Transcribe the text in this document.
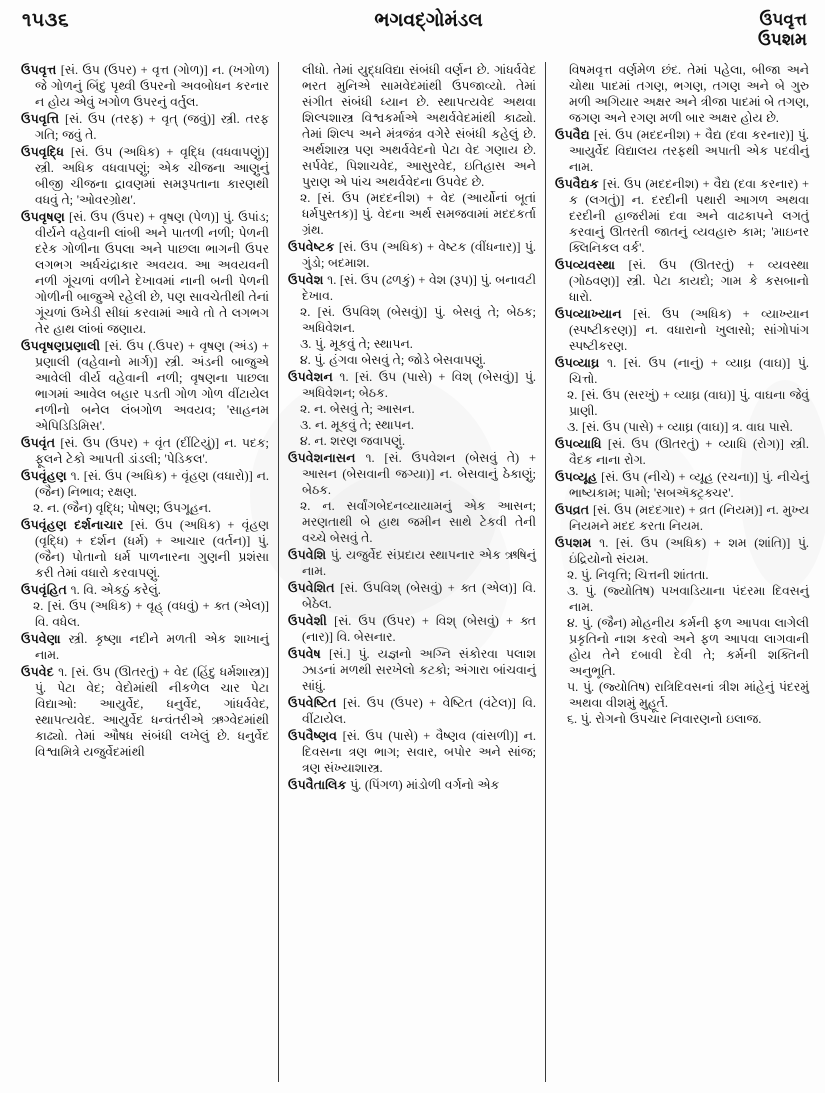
૧૫૩૬	ભગવદ્ગોમંડલ	ઉપવૃત્ત
ઉપશમ

ઉપવૃત્ત [સં. ઉપ (ઉપર) + વૃત્ત (ગોળ)] ન. (ખગોળ) જે ગોળનું બિંદુ પૃથ્વી ઉપરનો અવબોધન કરનાર ન હોય એવું ખગોળ ઉપરનું વર્તુલ.

ઉપવૃત્તિ [સં. ઉપ (તરફ) + વૃત્ (જવું)] સ્ત્રી. તરફ ગતિ; જવું તે.

ઉપવૃદ્ધિ [સં. ઉપ (અધિક) + વૃદ્ધિ (વધવાપણું)] સ્ત્રી. અધિક વધવાપણું; એક ચીજના આણુનું બીજી ચીજના દ્રાવણમાં સમરૂપતાના કારણથી વધવું તે; 'ઓવરગ્રોથ'.

ઉપવૃષણ [સં. ઉપ (ઉપર) + વૃષણ (પેળ)] પું. ઉપાંડ; વીર્યને વહેવાની લાંબી અને પાતળી નળી; પેળની દરેક ગોળીના ઉપલા અને પાછલા ભાગની ઉપર લગભગ અર્ધચંદ્રાકાર અવયવ. આ અવયવની નળી ગૂંચળાં વળીને દેખાવમાં નાની બની પેળની ગોળીની બાજુએ રહેલી છે, પણ સાવચેતીથી તેનાં ગૂંચળાં ઉખેડી સીધાં કરવામાં આવે તો તે લગભગ તેર હાથ લાંબાં જણાય.

ઉપવૃષણપ્રણાલી [સં. ઉપ (.ઉપર) + વૃષણ (અંડ) + પ્રણાલી (વહેવાનો માર્ગ)] સ્ત્રી. અંડની બાજુએ આવેલી વીર્ય વહેવાની નળી; વૃષણના પાછલા ભાગમાં આવેલ બહાર પડતી ગોળ ગોળ વીંટાયેલ નળીનો બનેલ લંબગોળ અવયવ; 'સાહનમ એપિડિડિમિસ'.

ઉપવૃંત [સં. ઉપ (ઉપર) + વૃંત (દીંટિયું)] ન. પદક; ફૂલને ટેકો આપતી ડાંડલી; 'પેડિકલ'.

ઉપવૃંહણ ૧. [સં. ઉપ (અધિક) + વૃંહણ (વધારો)] ન. (જૈન) નિભાવ; રક્ષણ.

૨. ન. (જૈન) વૃદ્ધિ; પોષણ; ઉપગૂહન.

ઉપવૃંહણ દર્શનાચાર [સં. ઉપ (અધિક) + વૃંહણ (વૃદ્ધિ) + દર્શન (ધર્મ) + આચાર (વર્તન)] પું. (જૈન) પોતાનો ધર્મ પાળનારના ગુણની પ્રશંસા કરી તેમાં વધારો કરવાપણું.

ઉપવૃંહિત ૧. વિ. એકઠું કરેલું.

૨. [સં. ઉપ (અધિક) + વૃહ્ (વધવું) + ક્ત (એલ)] વિ. વધેલ.

ઉપવેણા સ્ત્રી. કૃષ્ણા નદીને મળતી એક શાખાનું નામ.

ઉપવેદ ૧. [સં. ઉપ (ઊતરતું) + વેદ (હિંદુ ધર્મશાસ્ત્ર)] પું. પેટા વેદ; વેદોમાંથી નીકળેલ ચાર પેટા વિદ્યાઓ: આયુર્વેદ, ધનુર્વેદ, ગાંધર્વવેદ, સ્થાપત્યવેદ. આયુર્વેદ ધન્વંતરીએ ઋગ્વેદમાંથી કાઢ્યો. તેમાં ઔષધ સંબંધી લખેલું છે. ધનુર્વેદ વિશ્વામિત્રે યજુર્વેદમાંથી

લીધો. તેમાં યુદ્ધવિદ્યા સંબંધી વર્ણન છે. ગાંધર્વવેદ ભરત મુનિએ સામવેદમાંથી ઉપજાવ્યો. તેમાં સંગીત સંબંધી ધ્યાન છે. સ્થાપત્યવેદ અથવા શિલ્પશાસ્ત્ર વિશ્વકર્માએ અથર્વવેદમાંથી કાઢ્યો. તેમાં શિલ્પ અને મંત્રજંત્ર વગેરે સંબંધી કહેલું છે. અર્થશાસ્ત્ર પણ અથર્વવેદનો પેટા વેદ ગણાય છે. સર્પવેદ, પિશાચવેદ, આસુરવેદ, ઇતિહાસ અને પુરાણ એ પાંચ અથર્વવેદના ઉપવેદ છે.

૨. [સં. ઉપ (મદદનીશ) + વેદ (આર્યોનાં બૂતાં ધર્મપુસ્તક)] પું. વેદના અર્થ સમજવામાં મદદકર્તા ગ્રંથ.

ઉપવેષ્ટક [સં. ઉપ (અધિક) + વેષ્ટક (વીંધનાર)] પું. ગુંડો; બદમાશ.

ઉપવેશ ૧. [સં. ઉપ (ઢળકું) + વેશ (રૂપ)] પું. બનાવટી દેખાવ.

૨. [સં. ઉપવિશ્ (બેસવું)] પું. બેસવું તે; બેઠક; અધિવેશન.

૩. પું. મૂકવું તે; સ્થાપન.

૪. પું. હંગવા બેસવું તે; જોડે બેસવાપણું.

ઉપવેશન ૧. [સં. ઉપ (પાસે) + વિશ્ (બેસવું)] પું. અધિવેશન; બેઠક.

૨. ન. બેસવું તે; આસન.

૩. ન. મૂકવું તે; સ્થાપન.

૪. ન. શરણ જવાપણું.

ઉપવેશનાસન ૧. [સં. ઉપવેશન (બેસવું તે) + આસન (બેસવાની જગ્યા)] ન. બેસવાનું ઠેકાણું; બેઠક.

૨. ન. સર્વાંગબેદનવ્યાયામનું એક આસન; મરણતાથી બે હાથ જમીન સાથે ટેકવી તેની વચ્ચે બેસવું તે.

ઉપવેશિ પું. યજુર્વેદ સંપ્રદાય સ્થાપનાર એક ઋષિનું નામ.

ઉપવેશિત [સં. ઉપવિશ્ (બેસવું) + ક્ત (એલ)] વિ. બેઠેલ.

ઉપવેશી [સં. ઉપ (ઉપર) + વિશ્ (બેસવું) + ક્ત (નાર)] વિ. બેસનાર.

ઉપવેષ [સં.] પું. યજ્ઞનો અગ્નિ સંકોરવા પલાશ ઝાડનાં મળથી સરખેલો કટકો; અંગારા બાંચવાનું સાંધું.

ઉપવેષ્ટિત [સં. ઉપ (ઉપર) + વેષ્ટિત (વંટેલ)] વિ. વીંટાયેલ.

ઉપવૈષ્ણવ [સં. ઉપ (પાસે) + વૈષ્ણવ (વાંસળી)] ન. દિવસના ત્રણ ભાગ; સવાર, બપોર અને સાંજ; ત્રણ સંખ્યાશાસ્ત્ર.

ઉપવૈતાલિક પું. (પિંગળ) માંડોળી વર્ગનો એક

વિષમવૃત્ત વર્ણમેળ છંદ. તેમાં પહેલા, બીજા અને ચોથા પાદમાં તગણ, ભગણ, તગણ અને બે ગુરુ મળી અગિયાર અક્ષર અને ત્રીજા પાદમાં બે તગણ, જગણ અને રગણ મળી બાર અક્ષર હોય છે.

ઉપવૈદ્ય [સં. ઉપ (મદદનીશ) + વૈદ્ય (દવા કરનાર)] પું. આયુર્વેદ વિદ્યાલય તરફથી અપાતી એક પદવીનું નામ.

ઉપવૈદ્યક [સં. ઉપ (મદદનીશ) + વૈદ્ય (દવા કરનાર) + ક (લગતું)] ન. દરદીની પથારી આગળ અથવા દરદીની હાજરીમાં દવા અને વાઢકાપને લગતું કરવાનું ઊતરતી જાતનું વ્યવહારુ કામ; 'માઇનર ક્લિનિકલ વર્ક'.

ઉપવ્યવસ્થા [સં. ઉપ (ઊતરતું) + વ્યવસ્થા (ગોઠવણ)] સ્ત્રી. પેટા કાયદો; ગામ કે કસબાનો ધારો.

ઉપવ્યાખ્યાન [સં. ઉપ (અધિક) + વ્યાખ્યાન (સ્પષ્ટીકરણ)] ન. વધારાનો ખુલાસો; સાંગોપાંગ સ્પષ્ટીકરણ.

ઉપવ્યાઘ્ર ૧. [સં. ઉપ (નાનું) + વ્યાઘ્ર (વાઘ)] પું. ચિત્તો.

૨. [સં. ઉપ (સરખું) + વ્યાઘ્ર (વાઘ)] પું. વાઘના જેવું પ્રાણી.

૩. [સં. ઉપ (પાસે) + વ્યાઘ્ર (વાઘ)] ત્ર. વાઘ પાસે.

ઉપવ્યાધિ [સં. ઉપ (ઊતરતું) + વ્યાધિ (રોગ)] સ્ત્રી. વૈદક નાના રોગ.

ઉપવ્યૂહ [સં. ઉપ (નીચે) + વ્યૂહ (રચના)] પું. નીચેનું ભાષ્યકામ; પામો; 'સબઍક્ટ્રક્ચર'.

ઉપવ્રત [સં. ઉપ (મદદગાર) + વ્રત (નિયમ)] ન. મુખ્ય નિયમને મદદ કરતા નિયમ.

ઉપશમ ૧. [સં. ઉપ (અધિક) + શમ (શાંતિ)] પું. ઇંદ્રિયોનો સંયમ.

૨. પું. નિવૃત્તિ; ચિત્તની શાંતતા.

૩. પું. (જ્યોતિષ) પખવાડિયાના પંદરમા દિવસનું નામ.

૪. પું. (જૈન) મોહનીય કર્મની ફળ આપવા લાગેલી પ્રકૃતિનો નાશ કરવો અને ફળ આપવા લાગવાની હોય તેને દબાવી દેવી તે; કર્મની શક્તિની અનુભૂતિ.

૫. પું. (જ્યોતિષ) રાત્રિદિવસનાં ત્રીશ માંહેનું પંદરમું અથવા વીશમું મુહૂર્ત.

૬. પું. રોગનો ઉપચાર નિવારણનો ઇલાજ.
